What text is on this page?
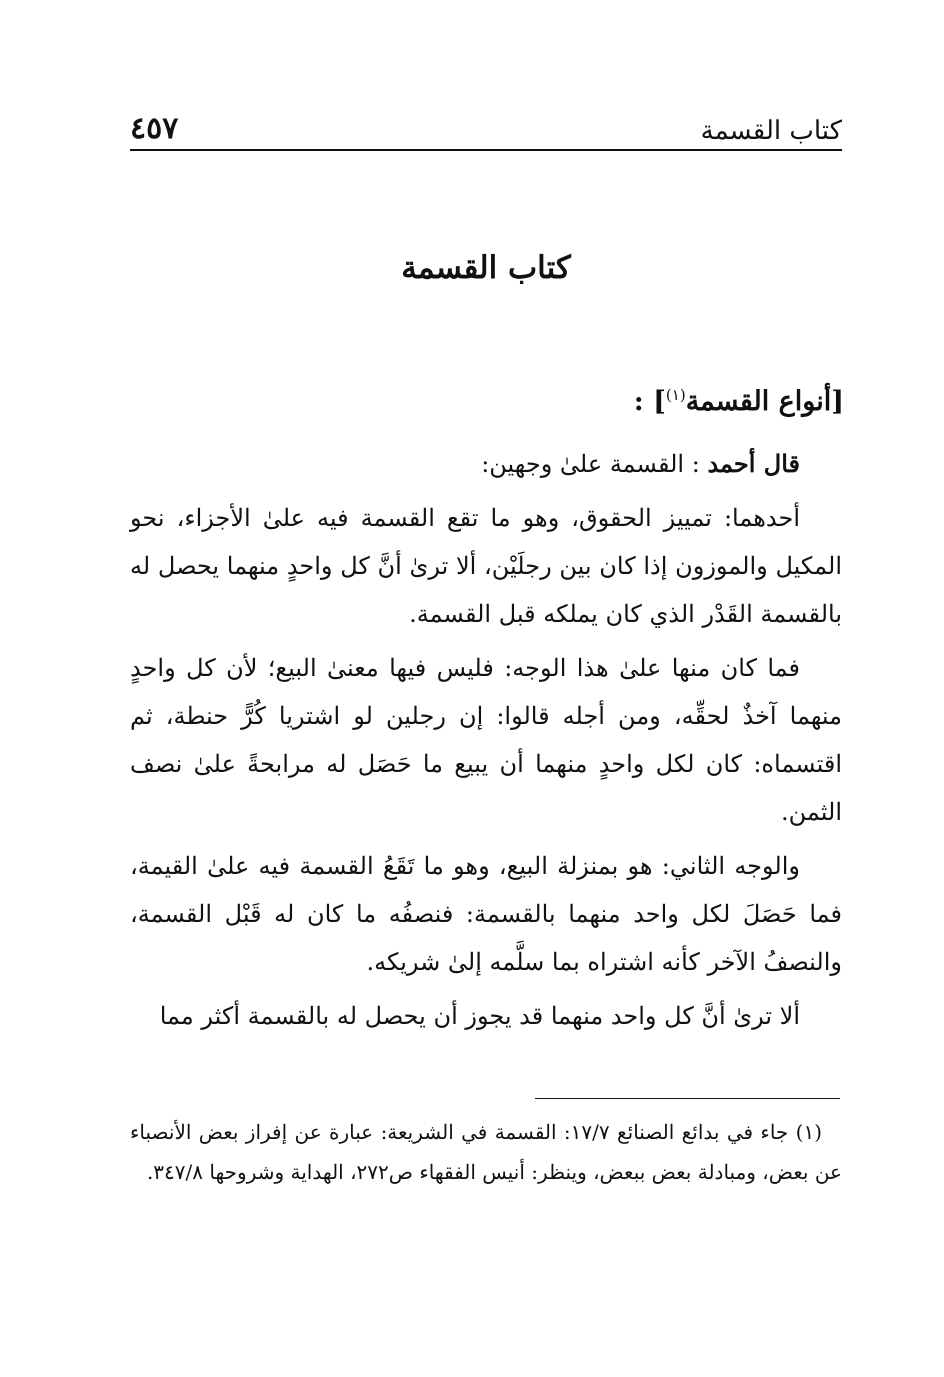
كتاب القسمة
٤٥٧
كتاب القسمة
[أنواع القسمة$^{(١)}$] :

قال أحمد : القسمة علىٰ وجهين:

أحدهما: تمييز الحقوق، وهو ما تقع القسمة فيه علىٰ الأجزاء، نحو المكيل والموزون إذا كان بين رجلَيْن، ألا ترىٰ أنَّ كل واحدٍ منهما يحصل له بالقسمة القَدْر الذي كان يملكه قبل القسمة.

فما كان منها علىٰ هذا الوجه: فليس فيها معنىٰ البيع؛ لأن كل واحدٍ منهما آخذٌ لحقِّه، ومن أجله قالوا: إن رجلين لو اشتريا كُرًّ حنطة، ثم اقتسماه: كان لكل واحدٍ منهما أن يبيع ما حَصَل له مرابحةً علىٰ نصف الثمن.

والوجه الثاني: هو بمنزلة البيع، وهو ما تَقَعُ القسمة فيه علىٰ القيمة، فما حَصَلَ لكل واحد منهما بالقسمة: فنصفُه ما كان له قَبْل القسمة، والنصفُ الآخر كأنه اشتراه بما سلَّمه إلىٰ شريكه.

ألا ترىٰ أنَّ كل واحد منهما قد يجوز أن يحصل له بالقسمة أكثر مما

(١) جاء في بدائع الصنائع ١٧/٧: القسمة في الشريعة: عبارة عن إفراز بعض الأنصباء عن بعض، ومبادلة بعض ببعض، وينظر: أنيس الفقهاء ص٢٧٢، الهداية وشروحها ٣٤٧/٨.
